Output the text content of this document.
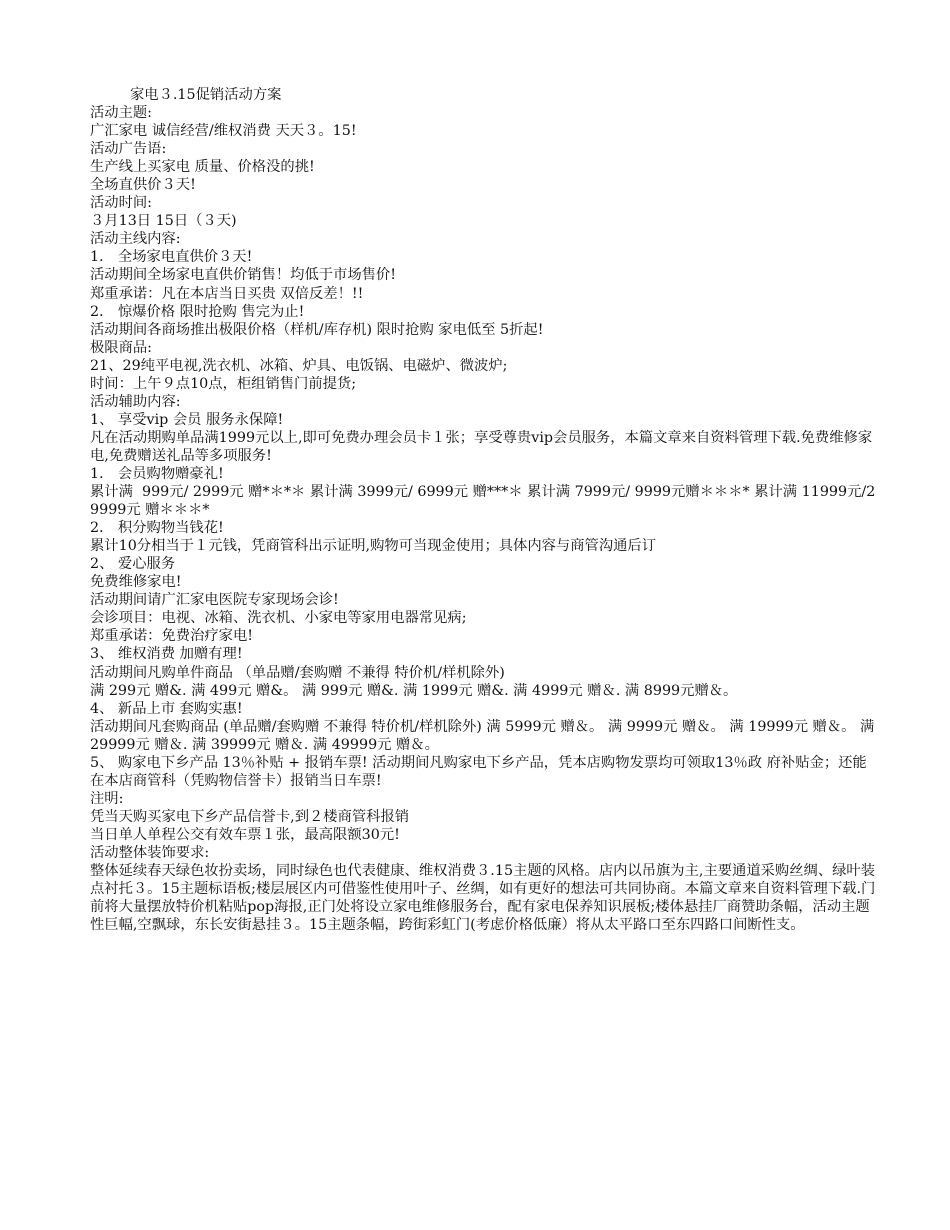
家电３.15促销活动方案
活动主题:
广汇家电 诚信经营/维权消费 天天３。15!
活动广告语:
生产线上买家电 质量、价格没的挑!
全场直供价３天!
活动时间:
３月13日 15日（３天)
活动主线内容:
1． 全场家电直供价３天!
活动期间全场家电直供价销售！均低于市场售价!
郑重承诺：凡在本店当日买贵 双倍反差！!!
2． 惊爆价格 限时抢购 售完为止!
活动期间各商场推出极限价格（样机/库存机) 限时抢购 家电低至 5折起!
极限商品:
21、29纯平电视,洗衣机、冰箱、炉具、电饭锅、电磁炉、微波炉;
时间：上午９点10点，柜组销售门前提货;
活动辅助内容:
1、 享受vip 会员 服务永保障!
凡在活动期购单品满1999元以上,即可免费办理会员卡１张；享受尊贵vip会员服务，本篇文章来自资料管理下载.免费维修家电,免费赠送礼品等多项服务!
1． 会员购物赠豪礼!
累计满  999元/ 2999元 赠*＊*＊ 累计满 3999元/ 6999元 赠***＊ 累计满 7999元/ 9999元赠＊＊＊* 累计满 11999元/29999元 赠＊＊＊*
2． 积分购物当钱花!
累计10分相当于１元钱，凭商管科出示证明,购物可当现金使用；具体内容与商管沟通后订
2、 爱心服务
免费维修家电!
活动期间请广汇家电医院专家现场会诊!
会诊项目：电视、冰箱、洗衣机、小家电等家用电器常见病;
郑重承诺：免费治疗家电!
3、 维权消费 加赠有理!
活动期间凡购单件商品 （单品赠/套购赠 不兼得 特价机/样机除外)
满 299元 赠&. 满 499元 赠&。 满 999元 赠&. 满 1999元 赠&. 满 4999元 赠＆. 满 8999元赠＆。
4、 新品上市 套购实惠!
活动期间凡套购商品 (单品赠/套购赠 不兼得 特价机/样机除外) 满 5999元 赠＆。 满 9999元 赠＆。 满 19999元 赠＆。 满 29999元 赠＆. 满 39999元 赠＆. 满 49999元 赠＆。
5、 购家电下乡产品 13％补贴 + 报销车票! 活动期间凡购家电下乡产品，凭本店购物发票均可领取13％政 府补贴金；还能在本店商管科（凭购物信誉卡）报销当日车票!
注明:
凭当天购买家电下乡产品信誉卡,到２楼商管科报销
当日单人单程公交有效车票１张，最高限额30元!
活动整体装饰要求:
整体延续春天绿色妆扮卖场，同时绿色也代表健康、维权消费３.15主题的风格。店内以吊旗为主,主要通道采购丝绸、绿叶装点衬托３。15主题标语板;楼层展区内可借鉴性使用叶子、丝绸，如有更好的想法可共同协商。本篇文章来自资料管理下载.门前将大量摆放特价机粘贴pop海报,正门处将设立家电维修服务台，配有家电保养知识展板;楼体悬挂厂商赞助条幅，活动主题性巨幅,空飘球，东长安街悬挂３。15主题条幅，跨街彩虹门(考虑价格低廉）将从太平路口至东四路口间断性支。
